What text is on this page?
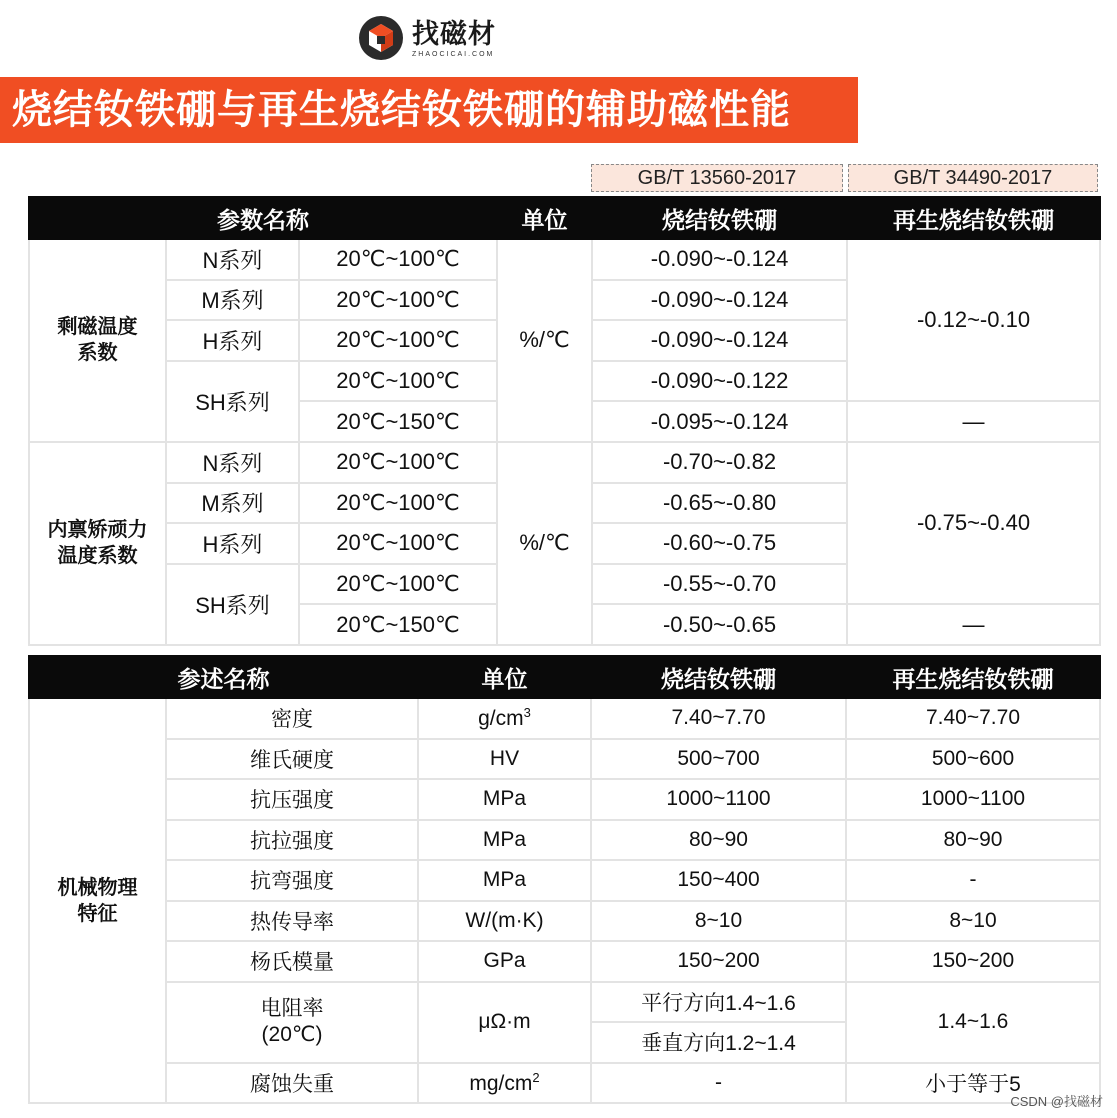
找磁材
ZHAOCICAI.COM
烧结钕铁硼与再生烧结钕铁硼的辅助磁性能
GB/T 13560-2017	GB/T 34490-2017
参数名称			单位	烧结钕铁硼	再生烧结钕铁硼

剩磁温度
系数	N系列	20℃~100℃	%/℃	-0.090~-0.124	-0.12~-0.10
	M系列	20℃~100℃		-0.090~-0.124	
	H系列	20℃~100℃		-0.090~-0.124	
	SH系列	20℃~100℃		-0.090~-0.122	
		20℃~150℃		-0.095~-0.124	—

内禀矫顽力
温度系数	N系列	20℃~100℃	%/℃	-0.70~-0.82	-0.75~-0.40
	M系列	20℃~100℃		-0.65~-0.80	
	H系列	20℃~100℃		-0.60~-0.75	
	SH系列	20℃~100℃		-0.55~-0.70	
		20℃~150℃		-0.50~-0.65	—
参述名称		单位	烧结钕铁硼	再生烧结钕铁硼

机械物理
特征	密度	$g/cm^3$	7.40~7.70	7.40~7.70
	维氏硬度	HV	500~700	500~600
	抗压强度	MPa	1000~1100	1000~1100
	抗拉强度	MPa	80~90	80~90
	抗弯强度	MPa	150~400	-
	热传导率	W/(m·K)	8~10	8~10
	杨氏模量	GPa	150~200	150~200

	电阻率
(20℃)	μΩ·m	平行方向1.4~1.6	1.4~1.6
			垂直方向1.2~1.4	
	腐蚀失重	$mg/cm^2$	-	小于等于5
CSDN @找磁材
